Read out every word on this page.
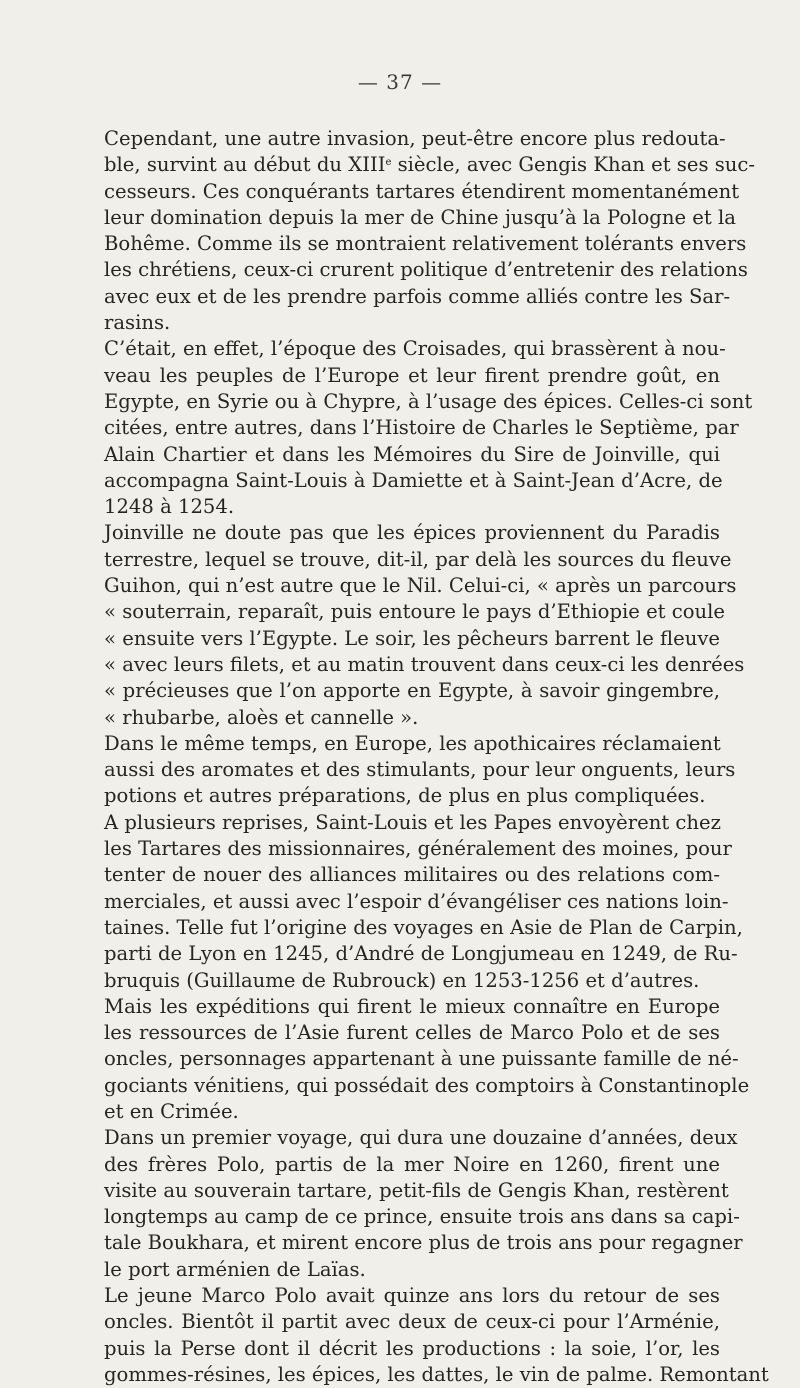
— 37 —
Cependant, une autre invasion, peut-être encore plus redouta-
ble, survint au début du XIIIe siècle, avec Gengis Khan et ses suc-
cesseurs. Ces conquérants tartares étendirent momentanément
leur domination depuis la mer de Chine jusqu’à la Pologne et la
Bohême. Comme ils se montraient relativement tolérants envers
les chrétiens, ceux-ci crurent politique d’entretenir des relations
avec eux et de les prendre parfois comme alliés contre les Sar-
rasins.
C’était, en effet, l’époque des Croisades, qui brassèrent à nou-
veau les peuples de l’Europe et leur firent prendre goût, en
Egypte, en Syrie ou à Chypre, à l’usage des épices. Celles-ci sont
citées, entre autres, dans l’Histoire de Charles le Septième, par
Alain Chartier et dans les Mémoires du Sire de Joinville, qui
accompagna Saint-Louis à Damiette et à Saint-Jean d’Acre, de
1248 à 1254.
Joinville ne doute pas que les épices proviennent du Paradis
terrestre, lequel se trouve, dit-il, par delà les sources du fleuve
Guihon, qui n’est autre que le Nil. Celui-ci, « après un parcours
« souterrain, reparaît, puis entoure le pays d’Ethiopie et coule
« ensuite vers l’Egypte. Le soir, les pêcheurs barrent le fleuve
« avec leurs filets, et au matin trouvent dans ceux-ci les denrées
« précieuses que l’on apporte en Egypte, à savoir gingembre,
« rhubarbe, aloès et cannelle ».
Dans le même temps, en Europe, les apothicaires réclamaient
aussi des aromates et des stimulants, pour leur onguents, leurs
potions et autres préparations, de plus en plus compliquées.
A plusieurs reprises, Saint-Louis et les Papes envoyèrent chez
les Tartares des missionnaires, généralement des moines, pour
tenter de nouer des alliances militaires ou des relations com-
merciales, et aussi avec l’espoir d’évangéliser ces nations loin-
taines. Telle fut l’origine des voyages en Asie de Plan de Carpin,
parti de Lyon en 1245, d’André de Longjumeau en 1249, de Ru-
bruquis (Guillaume de Rubrouck) en 1253-1256 et d’autres.
Mais les expéditions qui firent le mieux connaître en Europe
les ressources de l’Asie furent celles de Marco Polo et de ses
oncles, personnages appartenant à une puissante famille de né-
gociants vénitiens, qui possédait des comptoirs à Constantinople
et en Crimée.
Dans un premier voyage, qui dura une douzaine d’années, deux
des frères Polo, partis de la mer Noire en 1260, firent une
visite au souverain tartare, petit-fils de Gengis Khan, restèrent
longtemps au camp de ce prince, ensuite trois ans dans sa capi-
tale Boukhara, et mirent encore plus de trois ans pour regagner
le port arménien de Laïas.
Le jeune Marco Polo avait quinze ans lors du retour de ses
oncles. Bientôt il partit avec deux de ceux-ci pour l’Arménie,
puis la Perse dont il décrit les productions : la soie, l’or, les
gommes-résines, les épices, les dattes, le vin de palme. Remontant
